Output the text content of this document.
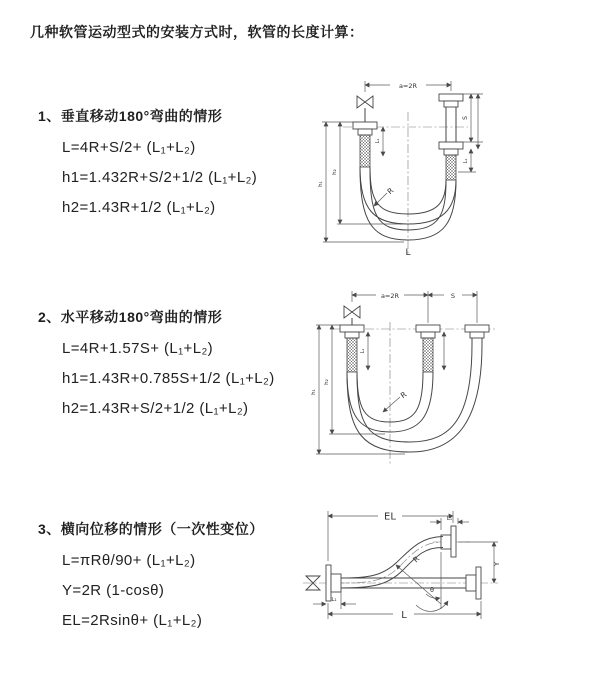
几种软管运动型式的安装方式时，软管的长度计算：
1、垂直移动180°弯曲的情形
L=4R+S/2+ (L₁+L₂)
h1=1.432R+S/2+1/2 (L₁+L₂)
h2=1.43R+1/2 (L₁+L₂)
2、水平移动180°弯曲的情形
L=4R+1.57S+ (L₁+L₂)
h1=1.43R+0.785S+1/2 (L₁+L₂)
h2=1.43R+S/2+1/2 (L₁+L₂)
3、横向位移的情形（一次性变位）
L=πRθ/90+ (L₁+L₂)
Y=2R (1-cosθ)
EL=2Rsinθ+ (L₁+L₂)
a=2R
h₁
h₂
S
L₁
L₁
R
L
a=2R	S
h₁
h₂
L₁
R
EL	L₁
Y
L
L₁
θ
R
